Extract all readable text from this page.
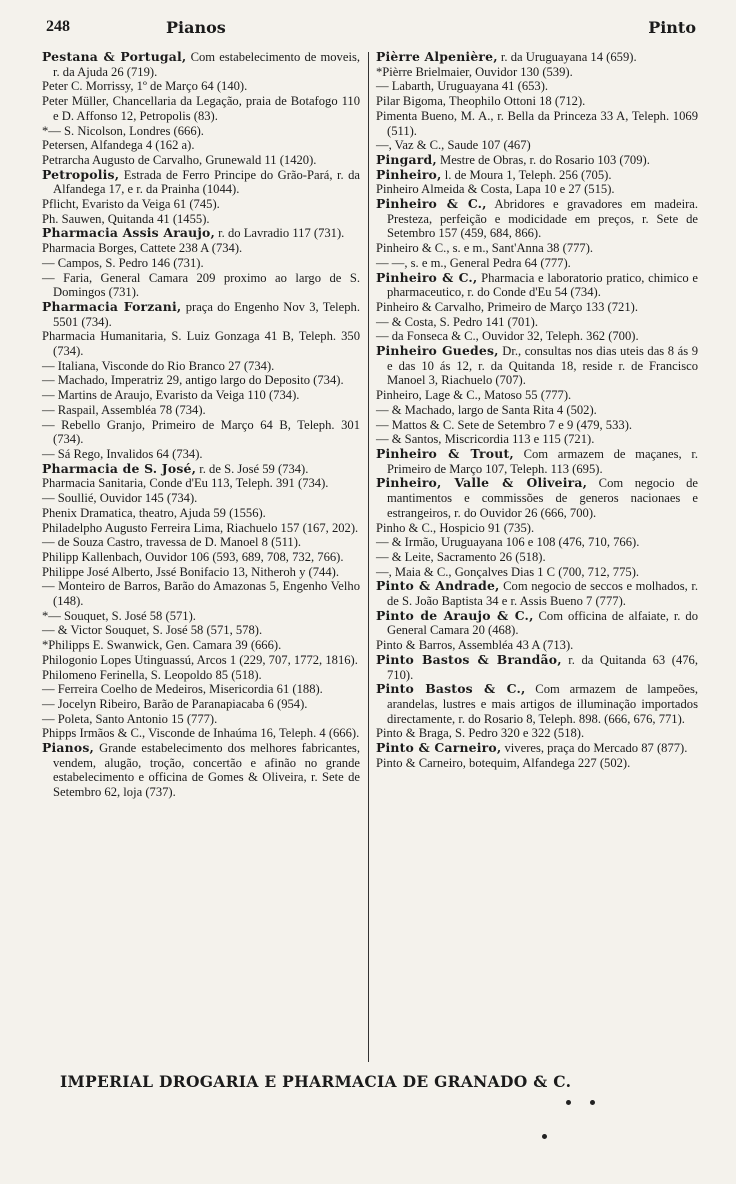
248	Pianos	Pinto

Pestana & Portugal, Com estabelecimento de moveis, r. da Ajuda 26 (719).

Peter C. Morrissy, 1º de Março 64 (140).

Peter Müller, Chancellaria da Legação, praia de Botafogo 110 e D. Affonso 12, Petropolis (83).

*— S. Nicolson, Londres (666).

Petersen, Alfandega 4 (162 a).

Petrarcha Augusto de Carvalho, Grunewald 11 (1420).

Petropolis, Estrada de Ferro Principe do Grão-Pará, r. da Alfandega 17, e r. da Prainha (1044).

Pflicht, Evaristo da Veiga 61 (745).

Ph. Sauwen, Quitanda 41 (1455).

Pharmacia Assis Araujo, r. do Lavradio 117 (731).

Pharmacia Borges, Cattete 238 A (734).

— Campos, S. Pedro 146 (731).

— Faria, General Camara 209 proximo ao largo de S. Domingos (731).

Pharmacia Forzani, praça do Engenho Nov 3, Teleph. 5501 (734).

Pharmacia Humanitaria, S. Luiz Gonzaga 41 B, Teleph. 350 (734).

— Italiana, Visconde do Rio Branco 27 (734).

— Machado, Imperatriz 29, antigo largo do Deposito (734).

— Martins de Araujo, Evaristo da Veiga 110 (734).

— Raspail, Assembléa 78 (734).

— Rebello Granjo, Primeiro de Março 64 B, Teleph. 301 (734).

— Sá Rego, Invalidos 64 (734).

Pharmacia de S. José, r. de S. José 59 (734).

Pharmacia Sanitaria, Conde d'Eu 113, Teleph. 391 (734).

— Soullié, Ouvidor 145 (734).

Phenix Dramatica, theatro, Ajuda 59 (1556).

Philadelpho Augusto Ferreira Lima, Riachuelo 157 (167, 202).

— de Souza Castro, travessa de D. Manoel 8 (511).

Philipp Kallenbach, Ouvidor 106 (593, 689, 708, 732, 766).

Philippe José Alberto, Jssé Bonifacio 13, Nitheroh y (744).

— Monteiro de Barros, Barão do Amazonas 5, Engenho Velho (148).

*— Souquet, S. José 58 (571).

— & Victor Souquet, S. José 58 (571, 578).

*Philipps E. Swanwick, Gen. Camara 39 (666).

Philogonio Lopes Utinguassú, Arcos 1 (229, 707, 1772, 1816).

Philomeno Ferinella, S. Leopoldo 85 (518).

— Ferreira Coelho de Medeiros, Misericordia 61 (188).

— Jocelyn Ribeiro, Barão de Paranapiacaba 6 (954).

— Poleta, Santo Antonio 15 (777).

Phipps Irmãos & C., Visconde de Inhaúma 16, Teleph. 4 (666).

Pianos, Grande estabelecimento dos melhores fabricantes, vendem, alugão, troção, concertão e afinão no grande estabelecimento e officina de Gomes & Oliveira, r. Sete de Setembro 62, loja (737).

Pièrre Alpenière, r. da Uruguayana 14 (659).

*Pièrre Brielmaier, Ouvidor 130 (539).

— Labarth, Uruguayana 41 (653).

Pilar Bigoma, Theophilo Ottoni 18 (712).

Pimenta Bueno, M. A., r. Bella da Princeza 33 A, Teleph. 1069 (511).

—, Vaz & C., Saude 107 (467)

Pingard, Mestre de Obras, r. do Rosario 103 (709).

Pinheiro, l. de Moura 1, Teleph. 256 (705).

Pinheiro Almeida & Costa, Lapa 10 e 27 (515).

Pinheiro & C., Abridores e gravadores em madeira. Presteza, perfeição e modicidade em preços, r. Sete de Setembro 157 (459, 684, 866).

Pinheiro & C., s. e m., Sant'Anna 38 (777).

— —, s. e m., General Pedra 64 (777).

Pinheiro & C., Pharmacia e laboratorio pratico, chimico e pharmaceutico, r. do Conde d'Eu 54 (734).

Pinheiro & Carvalho, Primeiro de Março 133 (721).

— & Costa, S. Pedro 141 (701).

— da Fonseca & C., Ouvidor 32, Teleph. 362 (700).

Pinheiro Guedes, Dr., consultas nos dias uteis das 8 ás 9 e das 10 ás 12, r. da Quitanda 18, reside r. de Francisco Manoel 3, Riachuelo (707).

Pinheiro, Lage & C., Matoso 55 (777).

— & Machado, largo de Santa Rita 4 (502).

— Mattos & C. Sete de Setembro 7 e 9 (479, 533).

— & Santos, Miscricordia 113 e 115 (721).

Pinheiro & Trout, Com armazem de maçanes, r. Primeiro de Março 107, Teleph. 113 (695).

Pinheiro, Valle & Oliveira, Com negocio de mantimentos e commissões de generos nacionaes e estrangeiros, r. do Ouvidor 26 (666, 700).

Pinho & C., Hospicio 91 (735).

— & Irmão, Uruguayana 106 e 108 (476, 710, 766).

— & Leite, Sacramento 26 (518).

—, Maia & C., Gonçalves Dias 1 C (700, 712, 775).

Pinto & Andrade, Com negocio de seccos e molhados, r. de S. João Baptista 34 e r. Assis Bueno 7 (777).

Pinto de Araujo & C., Com officina de alfaiate, r. do General Camara 20 (468).

Pinto & Barros, Assembléa 43 A (713).

Pinto Bastos & Brandão, r. da Quitanda 63 (476, 710).

Pinto Bastos & C., Com armazem de lampeões, arandelas, lustres e mais artigos de illuminação importados directamente, r. do Rosario 8, Teleph. 898. (666, 676, 771).

Pinto & Braga, S. Pedro 320 e 322 (518).

Pinto & Carneiro, viveres, praça do Mercado 87 (877).

Pinto & Carneiro, botequim, Alfandega 227 (502).

IMPERIAL DROGARIA E PHARMACIA DE GRANADO & C.
